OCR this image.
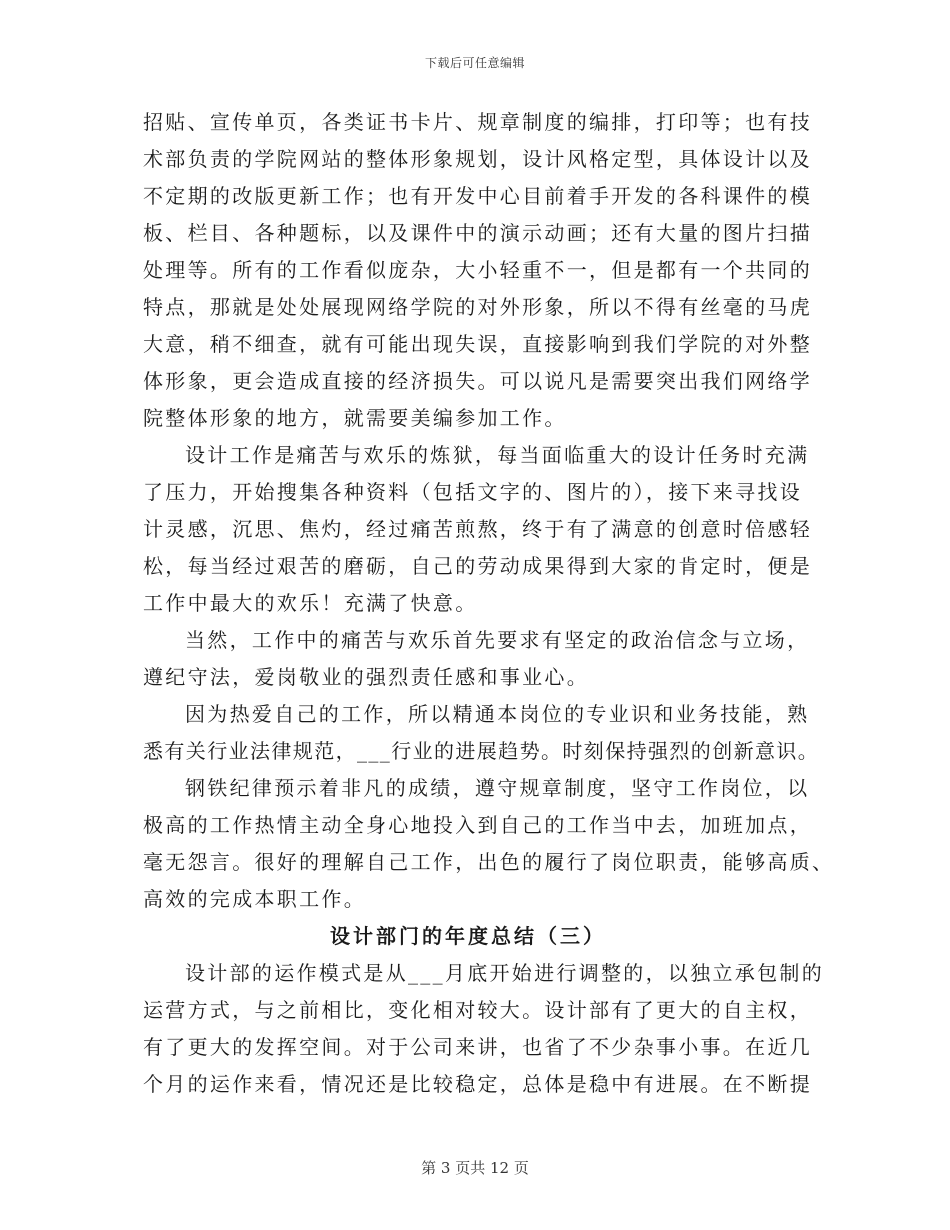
下载后可任意编辑
招贴、宣传单页，各类证书卡片、规章制度的编排，打印等；也有技
术部负责的学院网站的整体形象规划，设计风格定型，具体设计以及
不定期的改版更新工作；也有开发中心目前着手开发的各科课件的模
板、栏目、各种题标，以及课件中的演示动画；还有大量的图片扫描
处理等。所有的工作看似庞杂，大小轻重不一，但是都有一个共同的
特点，那就是处处展现网络学院的对外形象，所以不得有丝毫的马虎
大意，稍不细查，就有可能出现失误，直接影响到我们学院的对外整
体形象，更会造成直接的经济损失。可以说凡是需要突出我们网络学
院整体形象的地方，就需要美编参加工作。
设计工作是痛苦与欢乐的炼狱，每当面临重大的设计任务时充满
了压力，开始搜集各种资料（包括文字的、图片的），接下来寻找设
计灵感，沉思、焦灼，经过痛苦煎熬，终于有了满意的创意时倍感轻
松，每当经过艰苦的磨砺，自己的劳动成果得到大家的肯定时，便是
工作中最大的欢乐！充满了快意。
当然，工作中的痛苦与欢乐首先要求有坚定的政治信念与立场，
遵纪守法，爱岗敬业的强烈责任感和事业心。
因为热爱自己的工作，所以精通本岗位的专业识和业务技能，熟
悉有关行业法律规范，___行业的进展趋势。时刻保持强烈的创新意识。
钢铁纪律预示着非凡的成绩，遵守规章制度，坚守工作岗位，以
极高的工作热情主动全身心地投入到自己的工作当中去，加班加点，
毫无怨言。很好的理解自己工作，出色的履行了岗位职责，能够高质、
高效的完成本职工作。
设计部门的年度总结（三）
设计部的运作模式是从___月底开始进行调整的，以独立承包制的
运营方式，与之前相比，变化相对较大。设计部有了更大的自主权，
有了更大的发挥空间。对于公司来讲，也省了不少杂事小事。在近几
个月的运作来看，情况还是比较稳定，总体是稳中有进展。在不断提
第 3 页共 12 页
